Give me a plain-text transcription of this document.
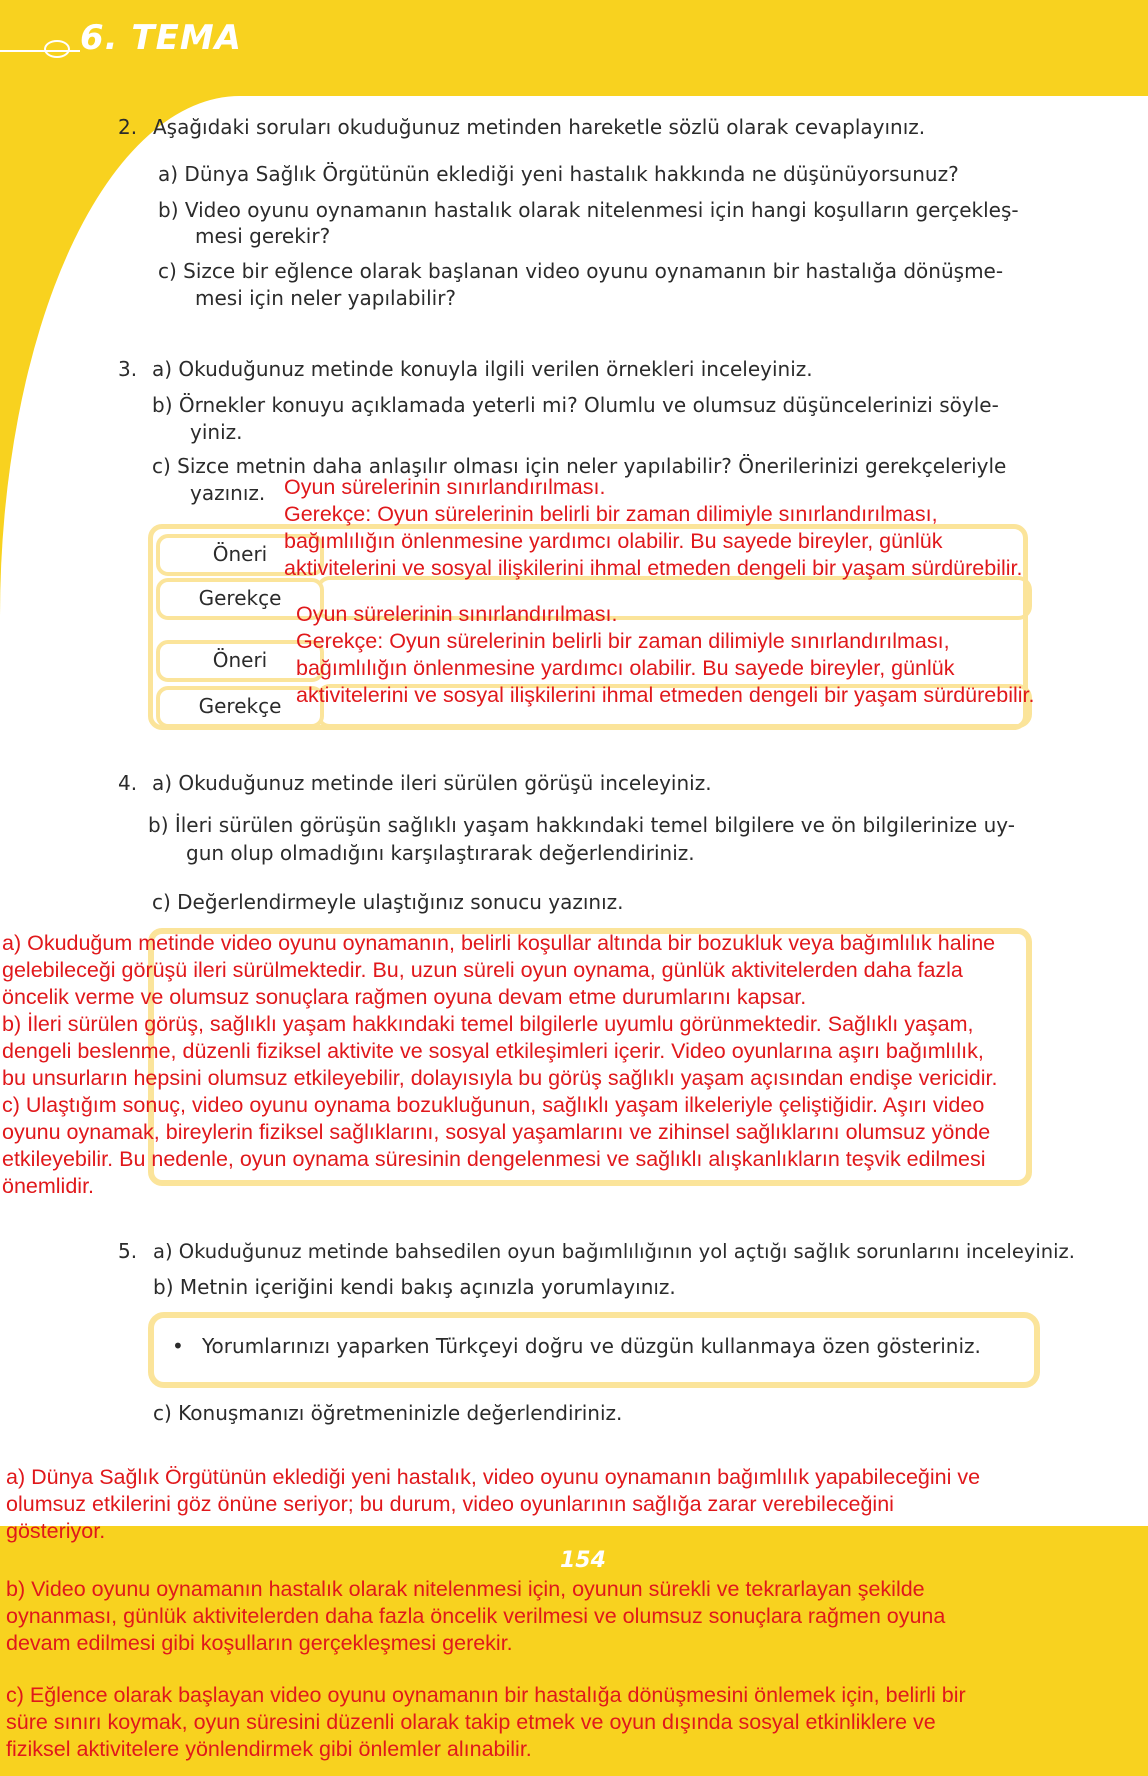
6. TEMA
2. Aşağıdaki soruları okuduğunuz metinden hareketle sözlü olarak cevaplayınız.
a) Dünya Sağlık Örgütünün eklediği yeni hastalık hakkında ne düşünüyorsunuz?
b) Video oyunu oynamanın hastalık olarak nitelenmesi için hangi koşulların gerçekleş-
mesi gerekir?
c) Sizce bir eğlence olarak başlanan video oyunu oynamanın bir hastalığa dönüşme-
mesi için neler yapılabilir?
3. a) Okuduğunuz metinde konuyla ilgili verilen örnekleri inceleyiniz.
b) Örnekler konuyu açıklamada yeterli mi? Olumlu ve olumsuz düşüncelerinizi söyle-
yiniz.
c) Sizce metnin daha anlaşılır olması için neler yapılabilir? Önerilerinizi gerekçeleriyle
yazınız.
Öneri
Gerekçe
Öneri
Gerekçe
Oyun sürelerinin sınırlandırılması.
Gerekçe: Oyun sürelerinin belirli bir zaman dilimiyle sınırlandırılması,
bağımlılığın önlenmesine yardımcı olabilir. Bu sayede bireyler, günlük
aktivitelerini ve sosyal ilişkilerini ihmal etmeden dengeli bir yaşam sürdürebilir.
Oyun sürelerinin sınırlandırılması.
Gerekçe: Oyun sürelerinin belirli bir zaman dilimiyle sınırlandırılması,
bağımlılığın önlenmesine yardımcı olabilir. Bu sayede bireyler, günlük
aktivitelerini ve sosyal ilişkilerini ihmal etmeden dengeli bir yaşam sürdürebilir.
4. a) Okuduğunuz metinde ileri sürülen görüşü inceleyiniz.
b) İleri sürülen görüşün sağlıklı yaşam hakkındaki temel bilgilere ve ön bilgilerinize uy-
gun olup olmadığını karşılaştırarak değerlendiriniz.
c) Değerlendirmeyle ulaştığınız sonucu yazınız.
a) Okuduğum metinde video oyunu oynamanın, belirli koşullar altında bir bozukluk veya bağımlılık haline
gelebileceği görüşü ileri sürülmektedir. Bu, uzun süreli oyun oynama, günlük aktivitelerden daha fazla
öncelik verme ve olumsuz sonuçlara rağmen oyuna devam etme durumlarını kapsar.
b) İleri sürülen görüş, sağlıklı yaşam hakkındaki temel bilgilerle uyumlu görünmektedir. Sağlıklı yaşam,
dengeli beslenme, düzenli fiziksel aktivite ve sosyal etkileşimleri içerir. Video oyunlarına aşırı bağımlılık,
bu unsurların hepsini olumsuz etkileyebilir, dolayısıyla bu görüş sağlıklı yaşam açısından endişe vericidir.
c) Ulaştığım sonuç, video oyunu oynama bozukluğunun, sağlıklı yaşam ilkeleriyle çeliştiğidir. Aşırı video
oyunu oynamak, bireylerin fiziksel sağlıklarını, sosyal yaşamlarını ve zihinsel sağlıklarını olumsuz yönde
etkileyebilir. Bu nedenle, oyun oynama süresinin dengelenmesi ve sağlıklı alışkanlıkların teşvik edilmesi
önemlidir.
5. a) Okuduğunuz metinde bahsedilen oyun bağımlılığının yol açtığı sağlık sorunlarını inceleyiniz.
b) Metnin içeriğini kendi bakış açınızla yorumlayınız.
• Yorumlarınızı yaparken Türkçeyi doğru ve düzgün kullanmaya özen gösteriniz.
c) Konuşmanızı öğretmeninizle değerlendiriniz.
154
a) Dünya Sağlık Örgütünün eklediği yeni hastalık, video oyunu oynamanın bağımlılık yapabileceğini ve
olumsuz etkilerini göz önüne seriyor; bu durum, video oyunlarının sağlığa zarar verebileceğini
gösteriyor.
b) Video oyunu oynamanın hastalık olarak nitelenmesi için, oyunun sürekli ve tekrarlayan şekilde
oynanması, günlük aktivitelerden daha fazla öncelik verilmesi ve olumsuz sonuçlara rağmen oyuna
devam edilmesi gibi koşulların gerçekleşmesi gerekir.
c) Eğlence olarak başlayan video oyunu oynamanın bir hastalığa dönüşmesini önlemek için, belirli bir
süre sınırı koymak, oyun süresini düzenli olarak takip etmek ve oyun dışında sosyal etkinliklere ve
fiziksel aktivitelere yönlendirmek gibi önlemler alınabilir.
